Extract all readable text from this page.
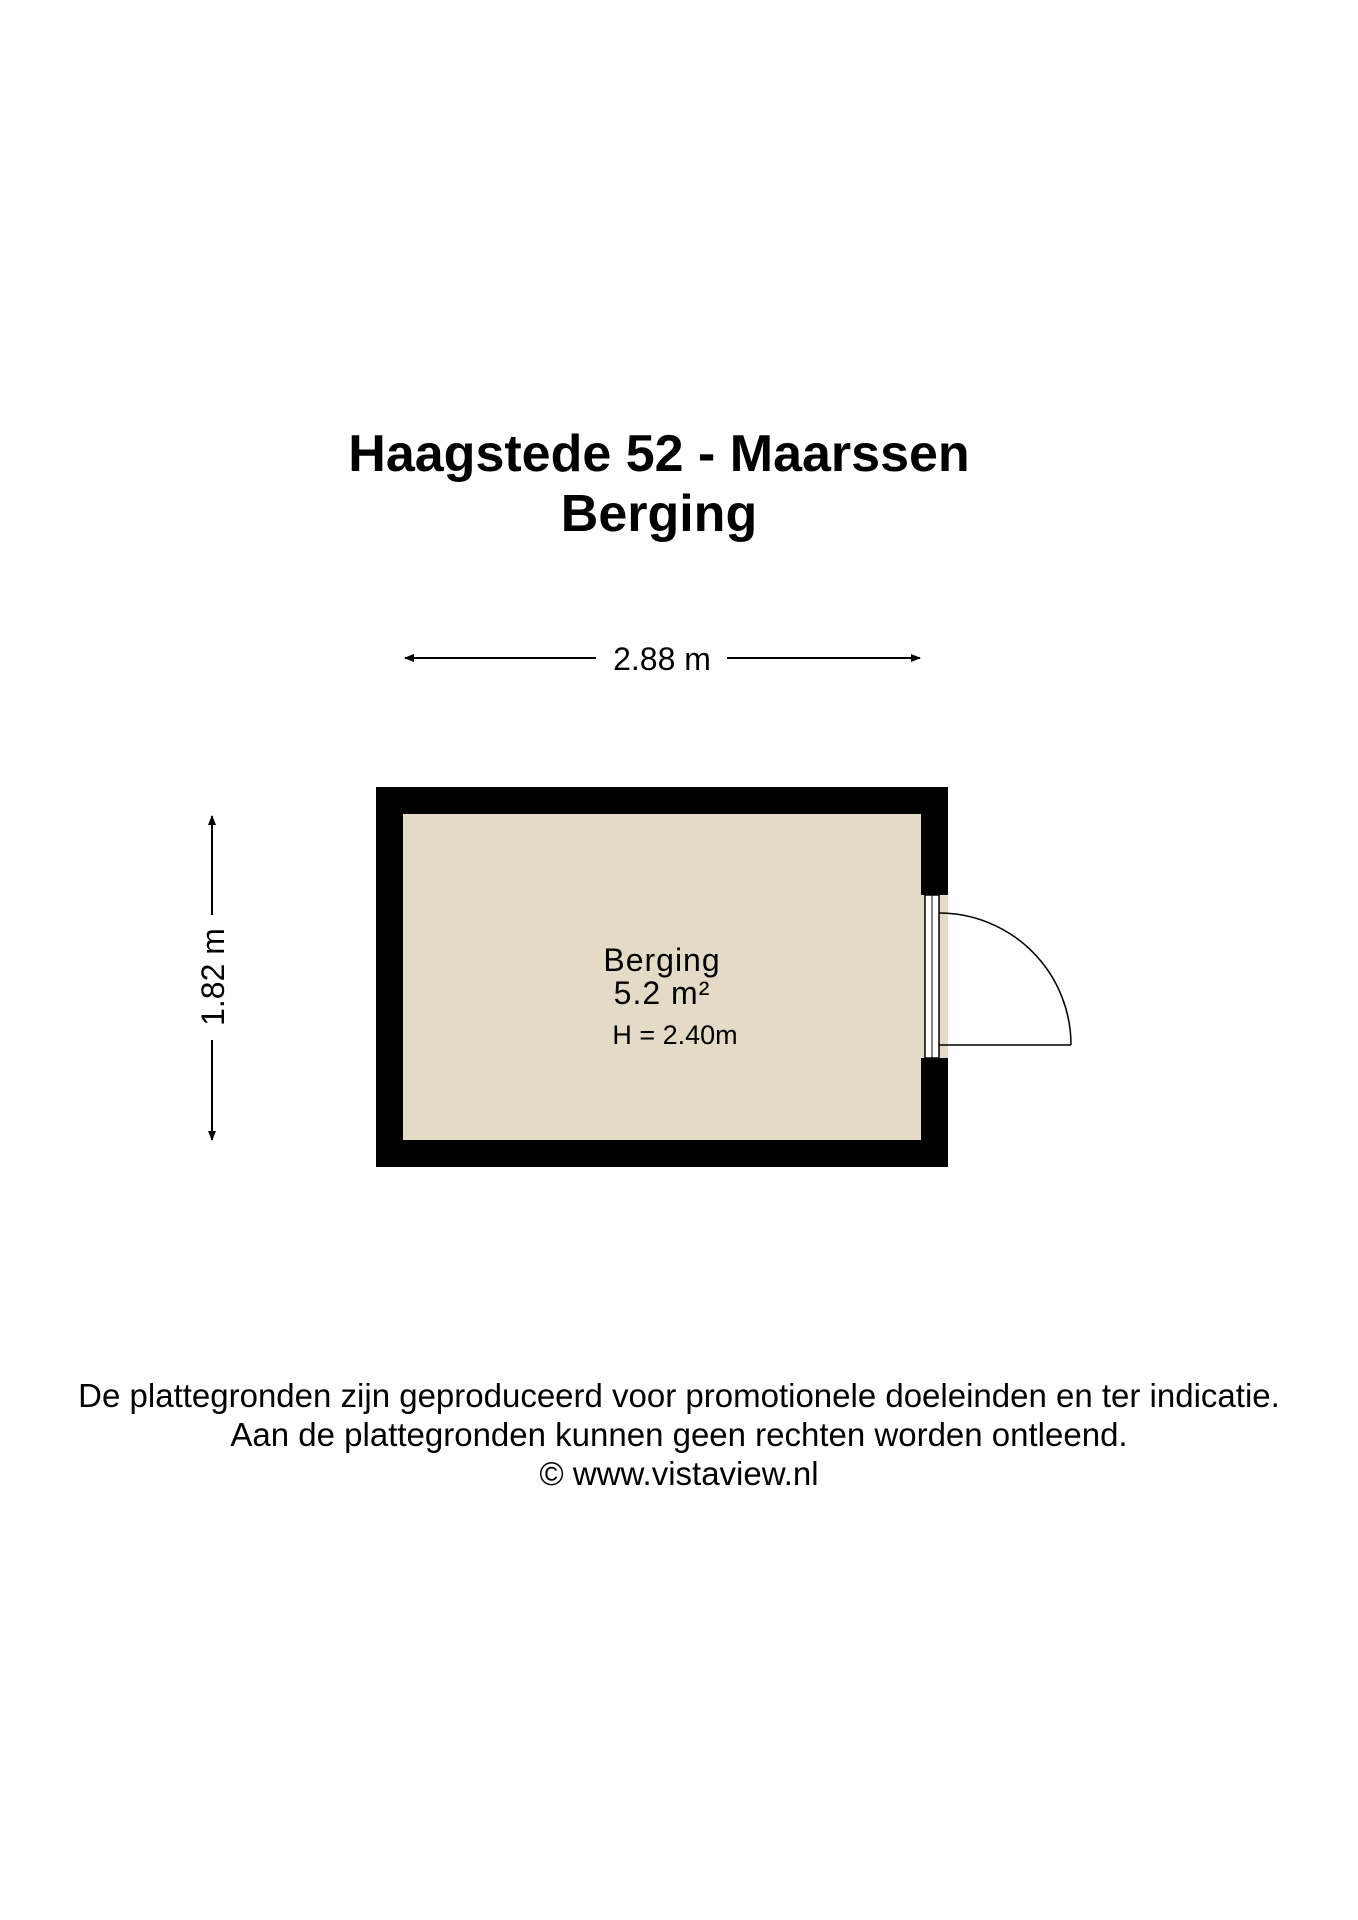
Haagstede 52 - Maarssen
Berging
2.88 m
1.82 m	Berging
5.2 m²
H = 2.40m
De plattegronden zijn geproduceerd voor promotionele doeleinden en ter indicatie.
Aan de plattegronden kunnen geen rechten worden ontleend.
© www.vistaview.nl
